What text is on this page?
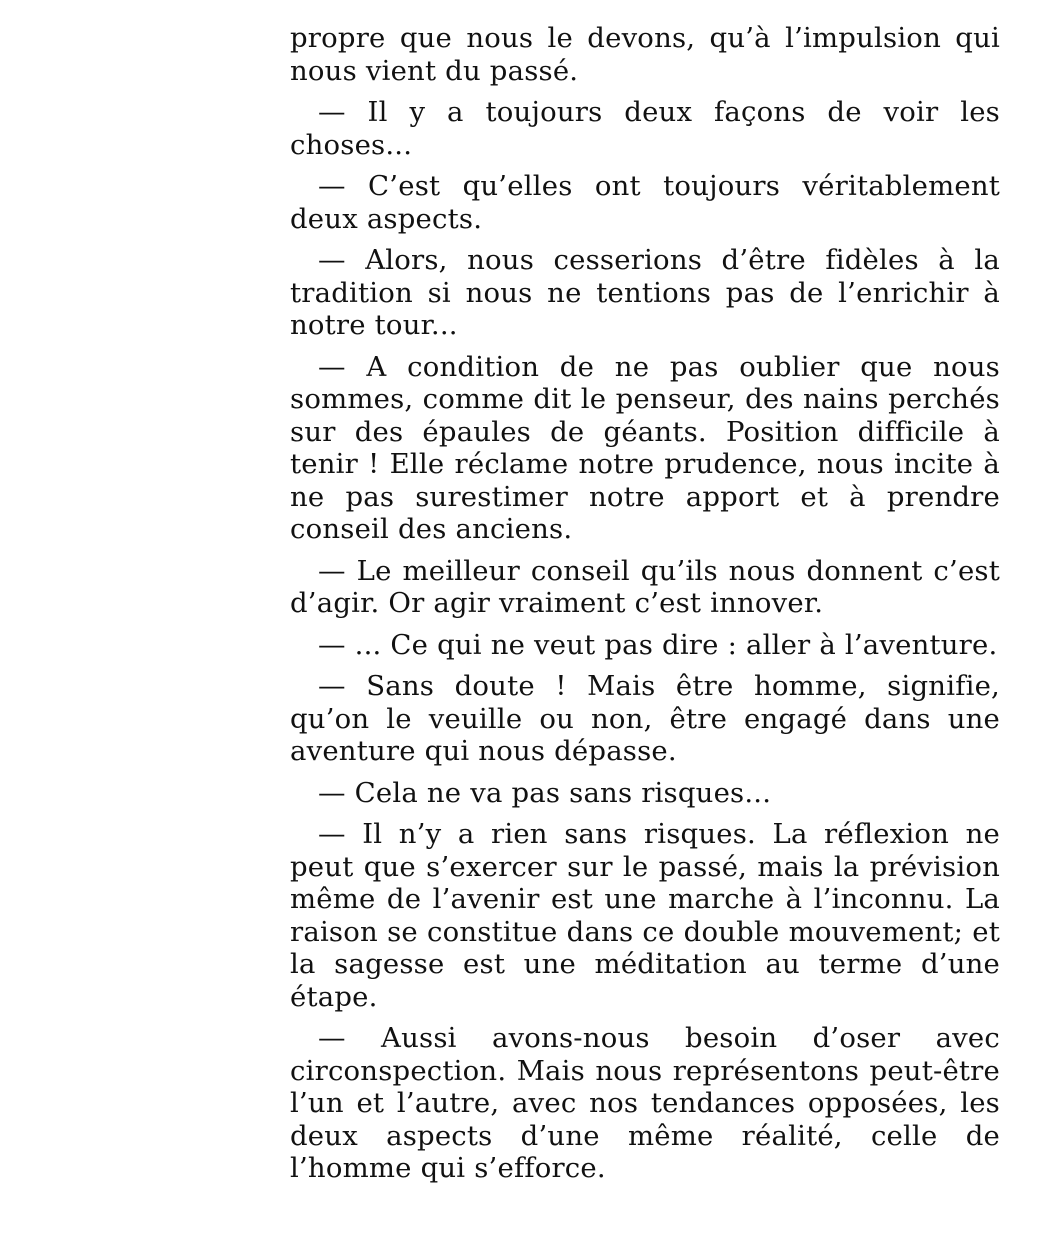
propre que nous le devons, qu’à l’impulsion qui nous vient du passé.

— Il y a toujours deux façons de voir les choses...

— C’est qu’elles ont toujours véritablement deux aspects.

— Alors, nous cesserions d’être fidèles à la tradition si nous ne tentions pas de l’enrichir à notre tour...

— A condition de ne pas oublier que nous sommes, comme dit le penseur, des nains perchés sur des épaules de géants. Position difficile à tenir ! Elle réclame notre prudence, nous incite à ne pas surestimer notre apport et à prendre conseil des anciens.

— Le meilleur conseil qu’ils nous donnent c’est d’agir. Or agir vraiment c’est innover.

— ... Ce qui ne veut pas dire : aller à l’aventure.

— Sans doute ! Mais être homme, signifie, qu’on le veuille ou non, être engagé dans une aventure qui nous dépasse.

— Cela ne va pas sans risques...

— Il n’y a rien sans risques. La réflexion ne peut que s’exercer sur le passé, mais la prévision même de l’avenir est une marche à l’inconnu. La raison se constitue dans ce double mouvement; et la sagesse est une méditation au terme d’une étape.

— Aussi avons-nous besoin d’oser avec circonspection. Mais nous représentons peut-être l’un et l’autre, avec nos tendances opposées, les deux aspects d’une même réalité, celle de l’homme qui s’efforce.
